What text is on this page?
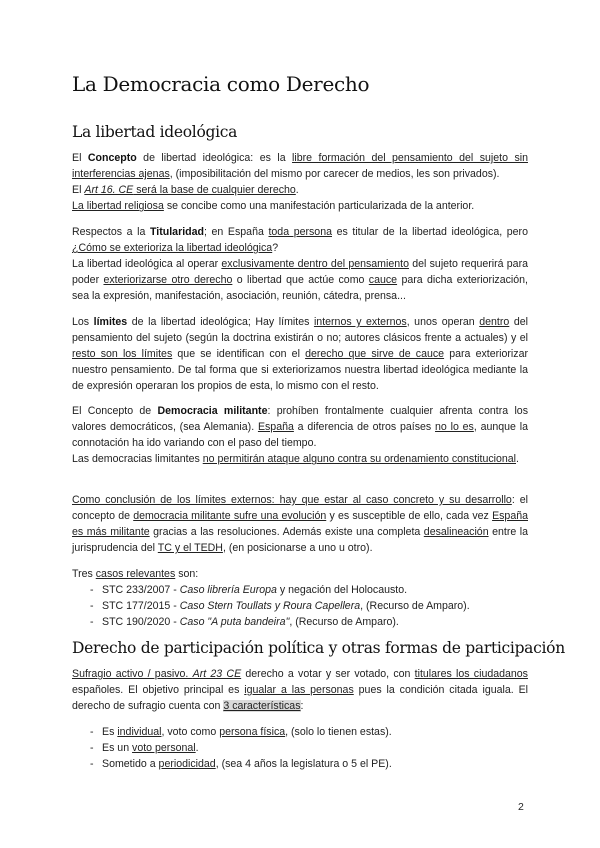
La Democracia como Derecho
La libertad ideológica

El Concepto de libertad ideológica: es la libre formación del pensamiento del sujeto sin interferencias ajenas, (imposibilitación del mismo por carecer de medios, les son privados).

El Art 16. CE será la base de cualquier derecho.

La libertad religiosa se concibe como una manifestación particularizada de la anterior.

Respectos a la Titularidad; en España toda persona es titular de la libertad ideológica, pero ¿Cómo se exterioriza la libertad ideológica?

La libertad ideológica al operar exclusivamente dentro del pensamiento del sujeto requerirá para poder exteriorizarse otro derecho o libertad que actúe como cauce para dicha exteriorización, sea la expresión, manifestación, asociación, reunión, cátedra, prensa...

Los límites de la libertad ideológica; Hay límites internos y externos, unos operan dentro del pensamiento del sujeto (según la doctrina existirán o no; autores clásicos frente a actuales) y el resto son los límites que se identifican con el derecho que sirve de cauce para exteriorizar nuestro pensamiento. De tal forma que si exteriorizamos nuestra libertad ideológica mediante la de expresión operaran los propios de esta, lo mismo con el resto.

El Concepto de Democracia militante: prohíben frontalmente cualquier afrenta contra los valores democráticos, (sea Alemania). España a diferencia de otros países no lo es, aunque la connotación ha ido variando con el paso del tiempo.

Las democracias limitantes no permitirán ataque alguno contra su ordenamiento constitucional.

Como conclusión de los límites externos: hay que estar al caso concreto y su desarrollo: el concepto de democracia militante sufre una evolución y es susceptible de ello, cada vez España es más militante gracias a las resoluciones. Además existe una completa desalineación entre la jurisprudencia del TC y el TEDH, (en posicionarse a uno u otro).

Tres casos relevantes son:

- STC 233/2007 - Caso librería Europa y negación del Holocausto.
- STC 177/2015 - Caso Stern Toullats y Roura Capellera, (Recurso de Amparo).
- STC 190/2020 - Caso "A puta bandeira", (Recurso de Amparo).
Derecho de participación política y otras formas de participación

Sufragio activo / pasivo. Art 23 CE derecho a votar y ser votado, con titulares los ciudadanos españoles. El objetivo principal es igualar a las personas pues la condición citada iguala. El derecho de sufragio cuenta con 3 características:

- Es individual, voto como persona física, (solo lo tienen estas).
- Es un voto personal.
- Sometido a periodicidad, (sea 4 años la legislatura o 5 el PE).
2
